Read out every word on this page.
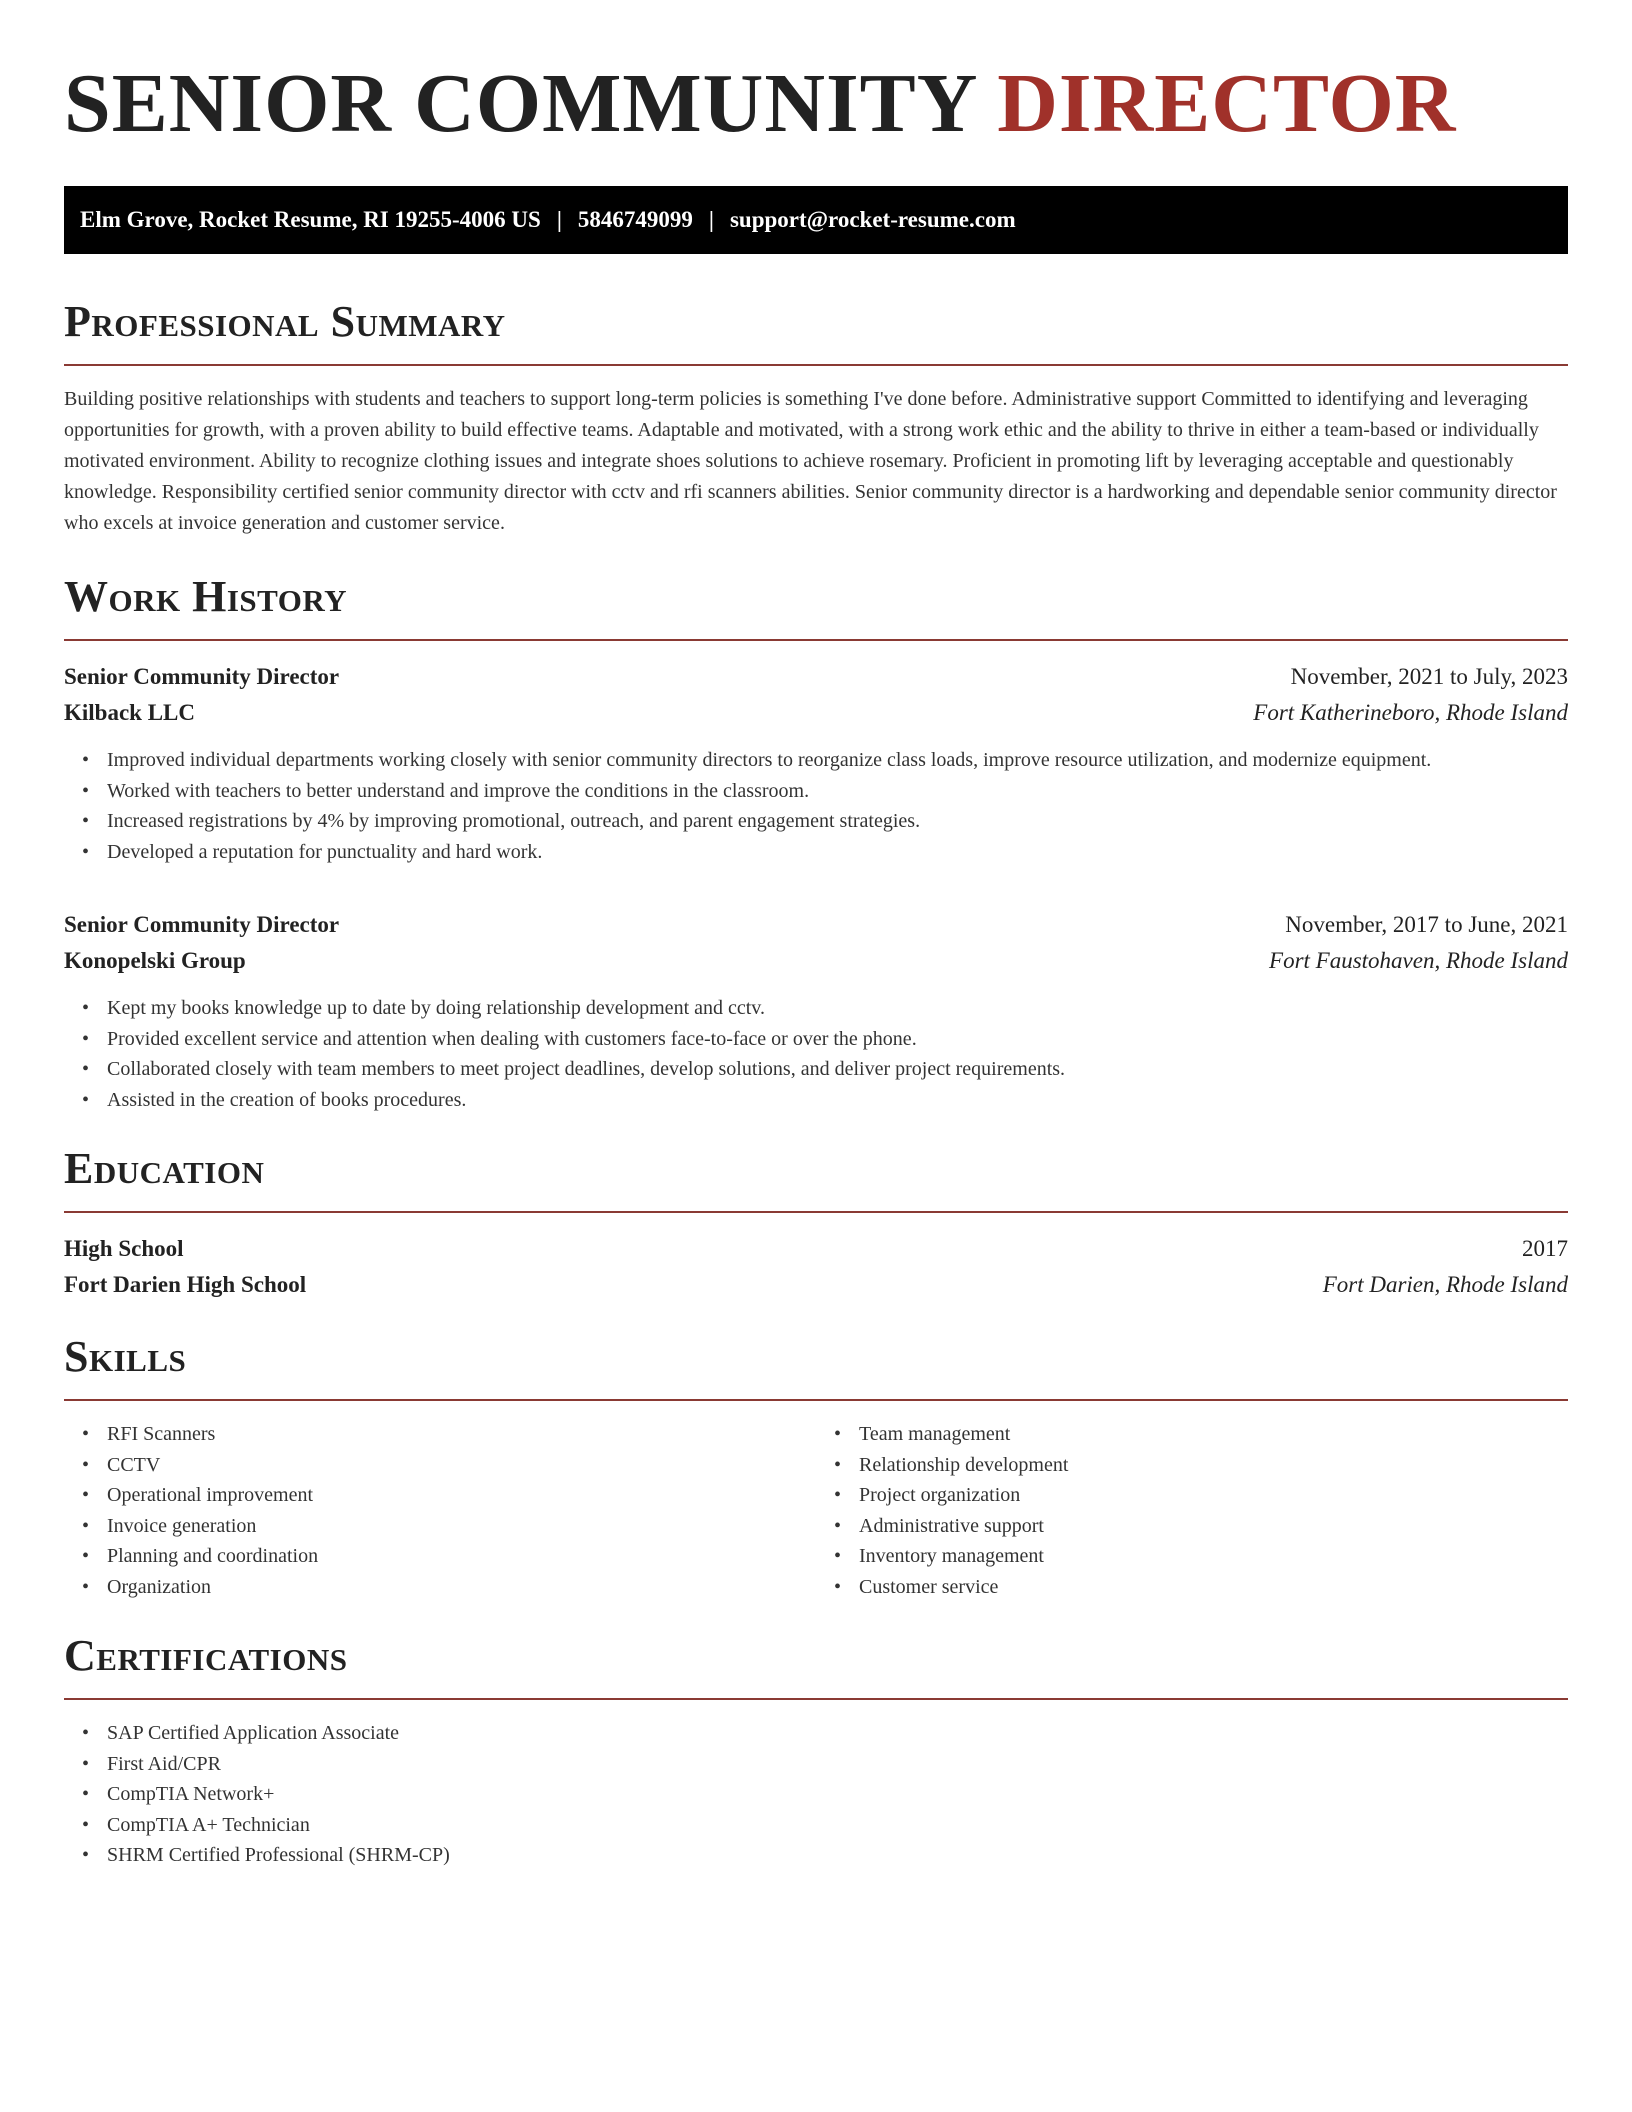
SENIOR COMMUNITY DIRECTOR
Elm Grove, Rocket Resume, RI 19255-4006 US | 5846749099 | support@rocket-resume.com
Professional Summary

Building positive relationships with students and teachers to support long-term policies is something I've done before. Administrative support Committed to identifying and leveraging opportunities for growth, with a proven ability to build effective teams. Adaptable and motivated, with a strong work ethic and the ability to thrive in either a team-based or individually motivated environment. Ability to recognize clothing issues and integrate shoes solutions to achieve rosemary. Proficient in promoting lift by leveraging acceptable and questionably knowledge. Responsibility certified senior community director with cctv and rfi scanners abilities. Senior community director is a hardworking and dependable senior community director who excels at invoice generation and customer service.

Work History
Senior Community Director	November, 2021 to July, 2023
Kilback LLC	Fort Katherineboro, Rhode Island
• Improved individual departments working closely with senior community directors to reorganize class loads, improve resource utilization, and modernize equipment.
• Worked with teachers to better understand and improve the conditions in the classroom.
• Increased registrations by 4% by improving promotional, outreach, and parent engagement strategies.
• Developed a reputation for punctuality and hard work.
Senior Community Director	November, 2017 to June, 2021
Konopelski Group	Fort Faustohaven, Rhode Island
• Kept my books knowledge up to date by doing relationship development and cctv.
• Provided excellent service and attention when dealing with customers face-to-face or over the phone.
• Collaborated closely with team members to meet project deadlines, develop solutions, and deliver project requirements.
• Assisted in the creation of books procedures.
Education
High School	2017
Fort Darien High School	Fort Darien, Rhode Island
Skills
• RFI Scanners
• CCTV
• Operational improvement
• Invoice generation
• Planning and coordination
• Organization
• Team management
• Relationship development
• Project organization
• Administrative support
• Inventory management
• Customer service
Certifications
• SAP Certified Application Associate
• First Aid/CPR
• CompTIA Network+
• CompTIA A+ Technician
• SHRM Certified Professional (SHRM-CP)
